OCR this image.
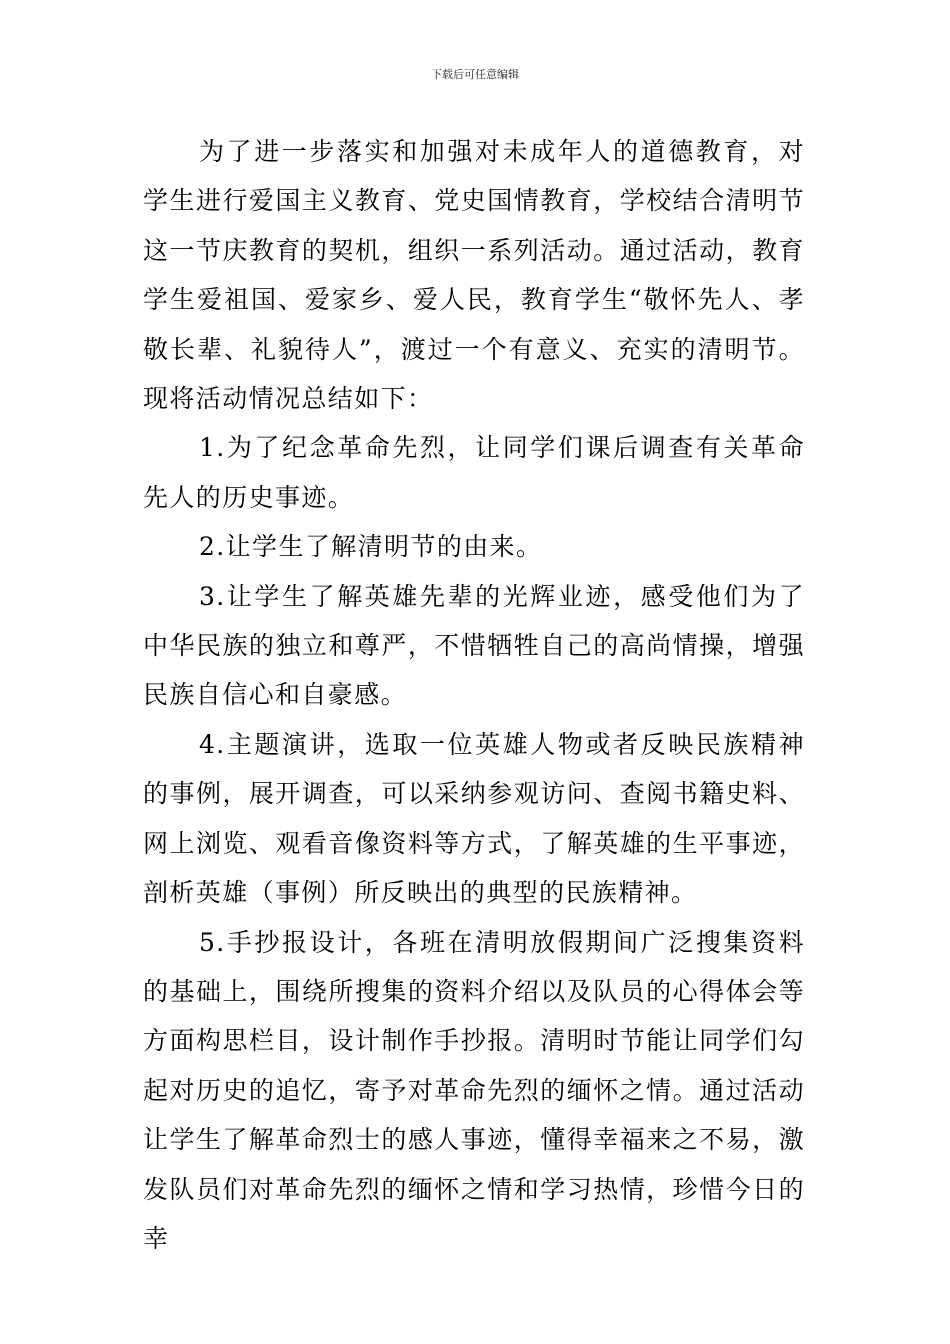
下载后可任意编辑

为了进一步落实和加强对未成年人的道德教育，对学生进行爱国主义教育、党史国情教育，学校结合清明节这一节庆教育的契机，组织一系列活动。通过活动，教育学生爱祖国、爱家乡、爱人民，教育学生“敬怀先人、孝敬长辈、礼貌待人”，渡过一个有意义、充实的清明节。现将活动情况总结如下：

1.为了纪念革命先烈，让同学们课后调查有关革命先人的历史事迹。

2.让学生了解清明节的由来。

3.让学生了解英雄先辈的光辉业迹，感受他们为了中华民族的独立和尊严，不惜牺牲自己的高尚情操，增强民族自信心和自豪感。

4.主题演讲，选取一位英雄人物或者反映民族精神的事例，展开调查，可以采纳参观访问、查阅书籍史料、网上浏览、观看音像资料等方式，了解英雄的生平事迹，剖析英雄（事例）所反映出的典型的民族精神。

5.手抄报设计，各班在清明放假期间广泛搜集资料的基础上，围绕所搜集的资料介绍以及队员的心得体会等方面构思栏目，设计制作手抄报。清明时节能让同学们勾起对历史的追忆，寄予对革命先烈的缅怀之情。通过活动让学生了解革命烈士的感人事迹，懂得幸福来之不易，激发队员们对革命先烈的缅怀之情和学习热情，珍惜今日的幸
